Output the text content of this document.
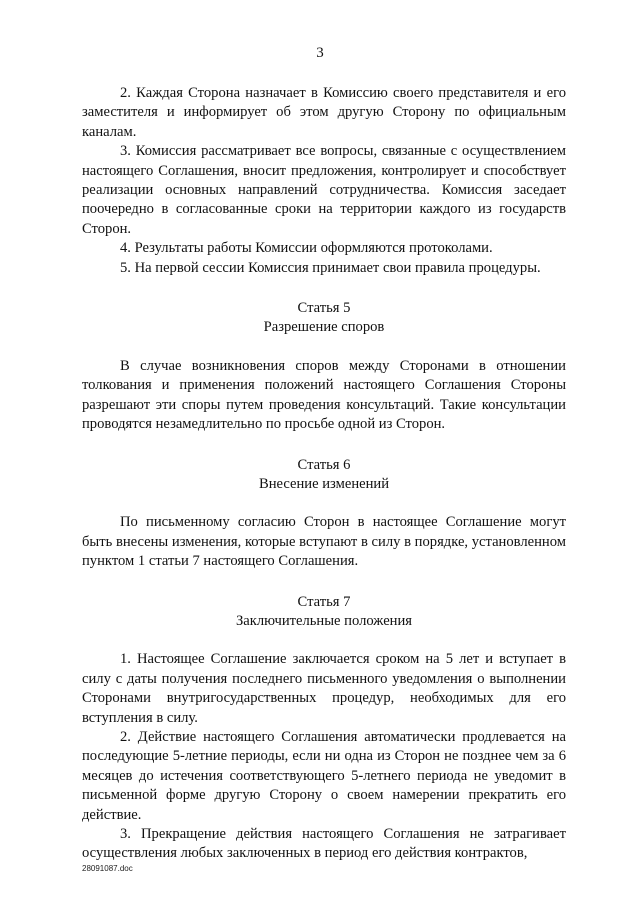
3

2. Каждая Сторона назначает в Комиссию своего представителя и его заместителя и информирует об этом другую Сторону по официальным каналам.

3. Комиссия рассматривает все вопросы, связанные с осуществлением настоящего Соглашения, вносит предложения, контролирует и способствует реализации основных направлений сотрудничества. Комиссия заседает поочередно в согласованные сроки на территории каждого из государств Сторон.

4. Результаты работы Комиссии оформляются протоколами.

5. На первой сессии Комиссия принимает свои правила процедуры.

Статья 5

Разрешение споров

В случае возникновения споров между Сторонами в отношении толкования и применения положений настоящего Соглашения Стороны разрешают эти споры путем проведения консультаций. Такие консультации проводятся незамедлительно по просьбе одной из Сторон.

Статья 6

Внесение изменений

По письменному согласию Сторон в настоящее Соглашение могут быть внесены изменения, которые вступают в силу в порядке, установленном пунктом 1 статьи 7 настоящего Соглашения.

Статья 7

Заключительные положения

1. Настоящее Соглашение заключается сроком на 5 лет и вступает в силу с даты получения последнего письменного уведомления о выполнении Сторонами внутригосударственных процедур, необходимых для его вступления в силу.

2. Действие настоящего Соглашения автоматически продлевается на последующие 5-летние периоды, если ни одна из Сторон не позднее чем за 6 месяцев до истечения соответствующего 5-летнего периода не уведомит в письменной форме другую Сторону о своем намерении прекратить его действие.

3. Прекращение действия настоящего Соглашения не затрагивает осуществления любых заключенных в период его действия контрактов,

28091087.doc
